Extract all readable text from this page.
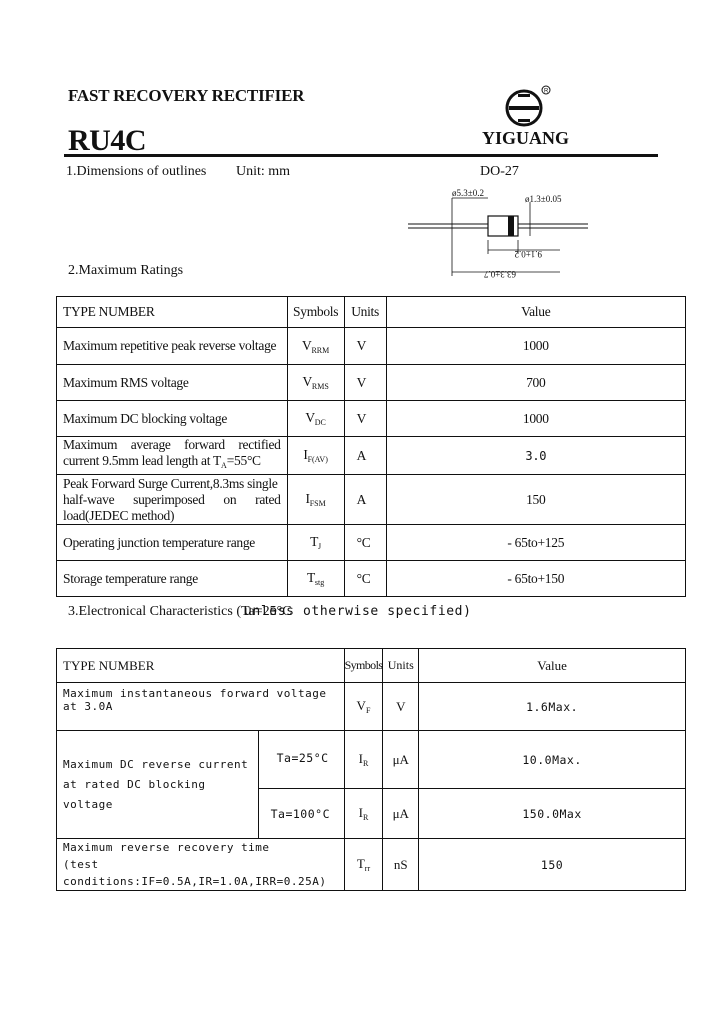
FAST RECOVERY RECTIFIER
RU4C
R
YIGUANG
1.Dimensions of outlines Unit: mm	DO-27
ø5.3±0.2
ø1.3±0.05
9.1±0.2
63.3±0.7
2.Maximum Ratings
TYPE NUMBER	Symbols	Units	Value
Maximum repetitive peak reverse voltage	$V_{RRM}$	V	1000
Maximum RMS voltage	$V_{RMS}$	V	700
Maximum DC blocking voltage	$V_{DC}$	V	1000

Maximum average forward rectified
current 9.5mm lead length at $T_A=55^\circ C$	$I_{F(AV)}$	A	3.0

Peak Forward Surge Current,8.3ms single
half-wave superimposed on rated
load(JEDEC method)	$I_{FSM}$	A	150
Operating junction temperature range	$T_J$	°C	- 65to+125
Storage temperature range	$T_{stg}$	°C	- 65to+150
3.Electronical Characteristics (Ta=25°C
unless otherwise specified)
TYPE NUMBER		Symbols	Units	Value
Maximum instantaneous forward voltage at 3.0A		$V_F$	V	1.6Max.

Maximum DC reverse current
at rated DC blocking voltage	Ta=25°C	$I_R$	μA	10.0Max.
	Ta=100°C	$I_R$	μA	150.0Max

Maximum reverse recovery time
(test conditions:IF=0.5A,IR=1.0A,IRR=0.25A)		$T_{rr}$	nS	150
